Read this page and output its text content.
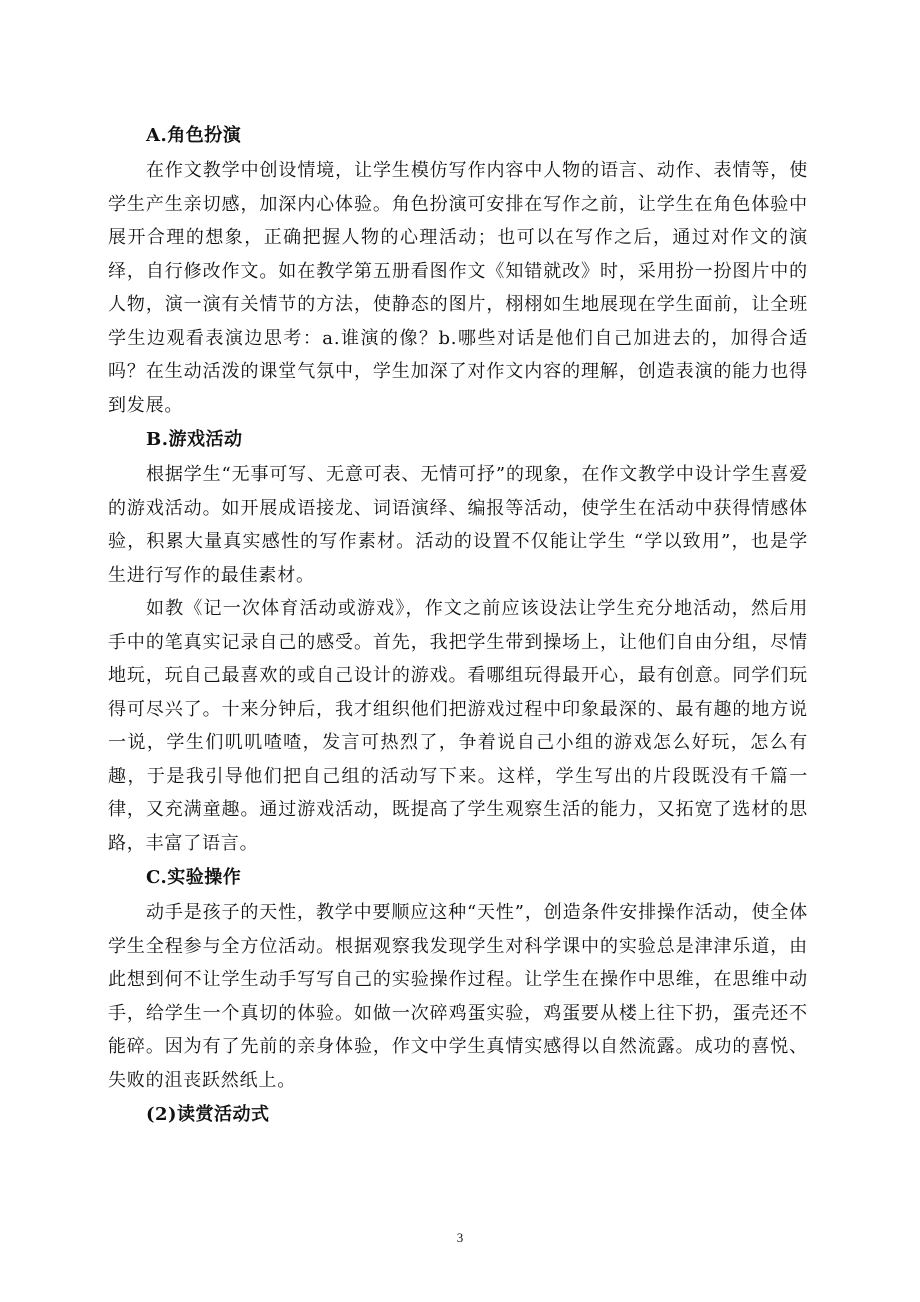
A.角色扮演

在作文教学中创设情境，让学生模仿写作内容中人物的语言、动作、表情等，使学生产生亲切感，加深内心体验。角色扮演可安排在写作之前，让学生在角色体验中展开合理的想象，正确把握人物的心理活动；也可以在写作之后，通过对作文的演绎，自行修改作文。如在教学第五册看图作文《知错就改》时，采用扮一扮图片中的人物，演一演有关情节的方法，使静态的图片，栩栩如生地展现在学生面前，让全班学生边观看表演边思考：a.谁演的像？b.哪些对话是他们自己加进去的，加得合适吗？在生动活泼的课堂气氛中，学生加深了对作文内容的理解，创造表演的能力也得到发展。

B.游戏活动

根据学生“无事可写、无意可表、无情可抒”的现象，在作文教学中设计学生喜爱的游戏活动。如开展成语接龙、词语演绎、编报等活动，使学生在活动中获得情感体验，积累大量真实感性的写作素材。活动的设置不仅能让学生 “学以致用”，也是学生进行写作的最佳素材。

如教《记一次体育活动或游戏》，作文之前应该设法让学生充分地活动，然后用手中的笔真实记录自己的感受。首先，我把学生带到操场上，让他们自由分组，尽情地玩，玩自己最喜欢的或自己设计的游戏。看哪组玩得最开心，最有创意。同学们玩得可尽兴了。十来分钟后，我才组织他们把游戏过程中印象最深的、最有趣的地方说一说，学生们叽叽喳喳，发言可热烈了，争着说自己小组的游戏怎么好玩，怎么有趣，于是我引导他们把自己组的活动写下来。这样，学生写出的片段既没有千篇一律，又充满童趣。通过游戏活动，既提高了学生观察生活的能力，又拓宽了选材的思路，丰富了语言。

C.实验操作

动手是孩子的天性，教学中要顺应这种“天性”，创造条件安排操作活动，使全体学生全程参与全方位活动。根据观察我发现学生对科学课中的实验总是津津乐道，由此想到何不让学生动手写写自己的实验操作过程。让学生在操作中思维，在思维中动手，给学生一个真切的体验。如做一次碎鸡蛋实验，鸡蛋要从楼上往下扔，蛋壳还不能碎。因为有了先前的亲身体验，作文中学生真情实感得以自然流露。成功的喜悦、失败的沮丧跃然纸上。

(2)读赏活动式

3
